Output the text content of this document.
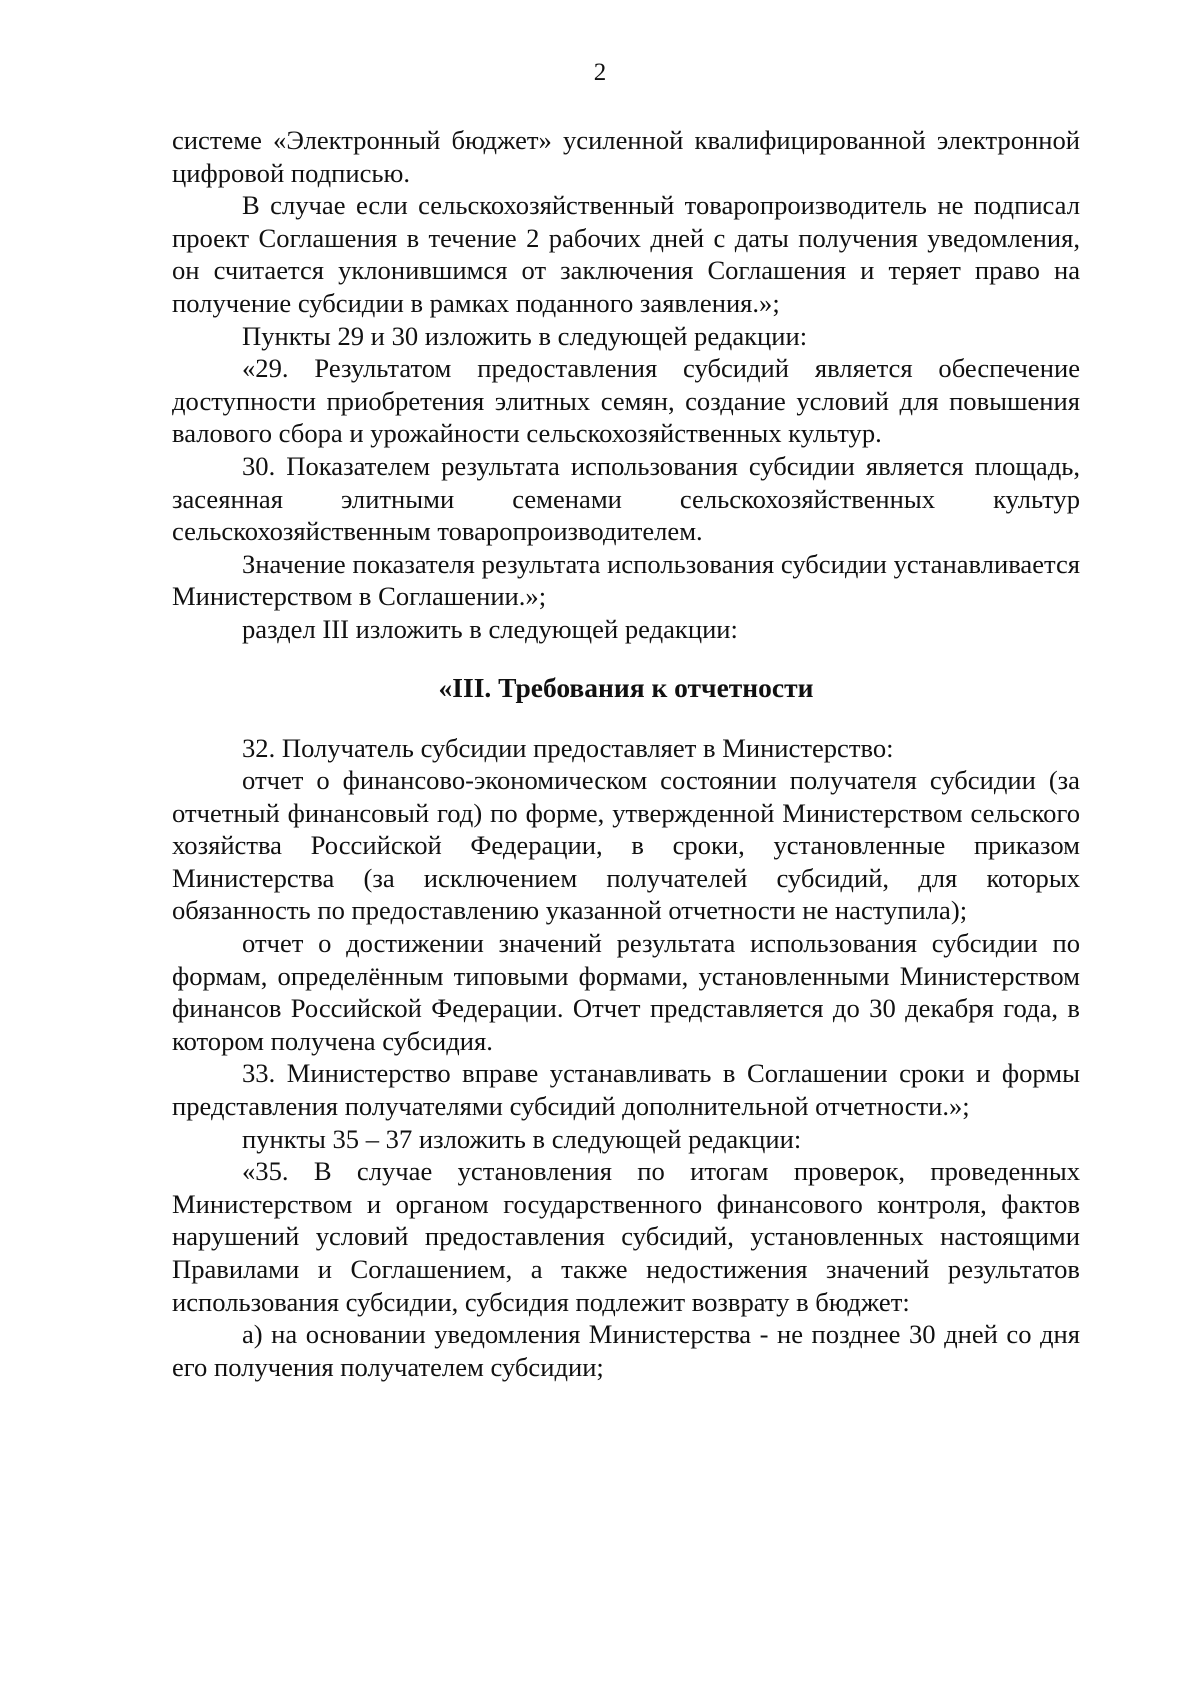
2

системе «Электронный бюджет» усиленной квалифицированной электронной цифровой подписью.

В случае если сельскохозяйственный товаропроизводитель не подписал проект Соглашения в течение 2 рабочих дней с даты получения уведомления, он считается уклонившимся от заключения Соглашения и теряет право на получение субсидии в рамках поданного заявления.»;

Пункты 29 и 30 изложить в следующей редакции:

«29. Результатом предоставления субсидий является обеспечение доступности приобретения элитных семян, создание условий для повышения валового сбора и урожайности сельскохозяйственных культур.

30. Показателем результата использования субсидии является площадь, засеянная элитными семенами сельскохозяйственных культур сельскохозяйственным товаропроизводителем.

Значение показателя результата использования субсидии устанавливается Министерством в Соглашении.»;

раздел III изложить в следующей редакции:

«III. Требования к отчетности

32. Получатель субсидии предоставляет в Министерство:

отчет о финансово-экономическом состоянии получателя субсидии (за отчетный финансовый год) по форме, утвержденной Министерством сельского хозяйства Российской Федерации, в сроки, установленные приказом Министерства (за исключением получателей субсидий, для которых обязанность по предоставлению указанной отчетности не наступила);

отчет о достижении значений результата использования субсидии по формам, определённым типовыми формами, установленными Министерством финансов Российской Федерации. Отчет представляется до 30 декабря года, в котором получена субсидия.

33. Министерство вправе устанавливать в Соглашении сроки и формы представления получателями субсидий дополнительной отчетности.»;

пункты 35 – 37 изложить в следующей редакции:

«35. В случае установления по итогам проверок, проведенных Министерством и органом государственного финансового контроля, фактов нарушений условий предоставления субсидий, установленных настоящими Правилами и Соглашением, а также недостижения значений результатов использования субсидии, субсидия подлежит возврату в бюджет:

а) на основании уведомления Министерства - не позднее 30 дней со дня его получения получателем субсидии;
